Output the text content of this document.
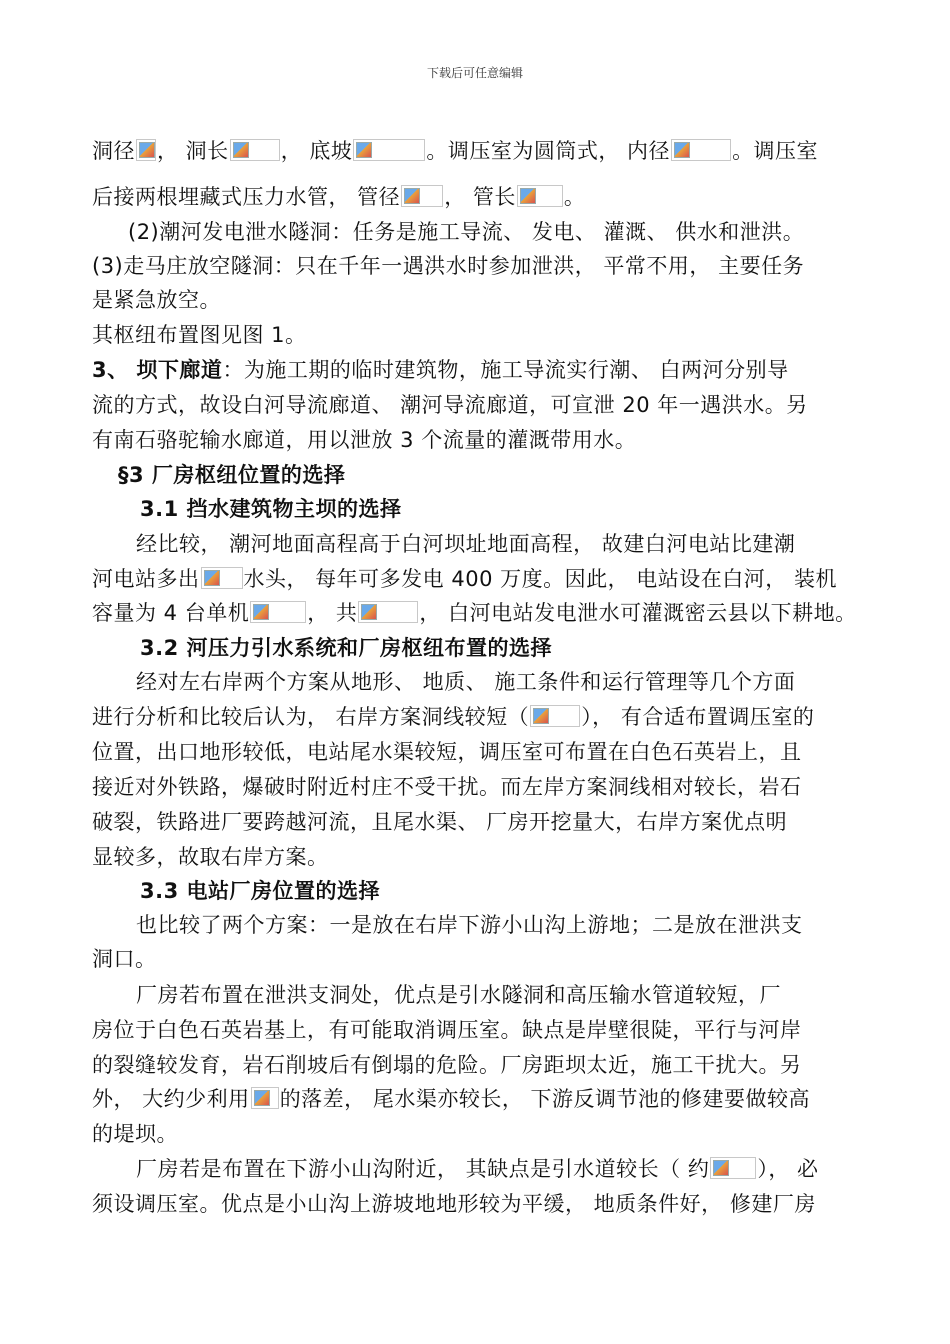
下载后可任意编辑
洞径 ， 洞长 ， 底坡	。调压室为圆筒式， 内径	。调压室
后接两根埋藏式压力水管， 管径 ， 管长 。
(2)潮河发电泄水隧洞：任务是施工导流、 发电、 灌溉、 供水和泄洪。
(3)走马庄放空隧洞：只在千年一遇洪水时参加泄洪， 平常不用， 主要任务
是紧急放空。
其枢纽布置图见图 1。
3、 坝下廊道：为施工期的临时建筑物，施工导流实行潮、 白两河分别导
流的方式，故设白河导流廊道、 潮河导流廊道，可宣泄 20 年一遇洪水。另
有南石骆驼输水廊道，用以泄放 3 个流量的灌溉带用水。
§3 厂房枢纽位置的选择
3.1 挡水建筑物主坝的选择
经比较， 潮河地面高程高于白河坝址地面高程， 故建白河电站比建潮
河电站多出 水头， 每年可多发电 400 万度。因此， 电站设在白河， 装机
容量为 4 台单机	， 共	， 白河电站发电泄水可灌溉密云县以下耕地。
3.2 河压力引水系统和厂房枢纽布置的选择
经对左右岸两个方案从地形、 地质、 施工条件和运行管理等几个方面
进行分析和比较后认为， 右岸方案洞线较短（ ）， 有合适布置调压室的
位置，出口地形较低，电站尾水渠较短，调压室可布置在白色石英岩上，且
接近对外铁路，爆破时附近村庄不受干扰。而左岸方案洞线相对较长，岩石
破裂，铁路进厂要跨越河流，且尾水渠、 厂房开挖量大，右岸方案优点明
显较多，故取右岸方案。
3.3 电站厂房位置的选择
也比较了两个方案：一是放在右岸下游小山沟上游地；二是放在泄洪支
洞口。
厂房若布置在泄洪支洞处，优点是引水隧洞和高压输水管道较短，厂
房位于白色石英岩基上，有可能取消调压室。缺点是岸壁很陡，平行与河岸
的裂缝较发育，岩石削坡后有倒塌的危险。厂房距坝太近，施工干扰大。另
外， 大约少利用 的落差， 尾水渠亦较长， 下游反调节池的修建要做较高
的堤坝。
厂房若是布置在下游小山沟附近， 其缺点是引水道较长（ 约 ）， 必
须设调压室。优点是小山沟上游坡地地形较为平缓， 地质条件好， 修建厂房
